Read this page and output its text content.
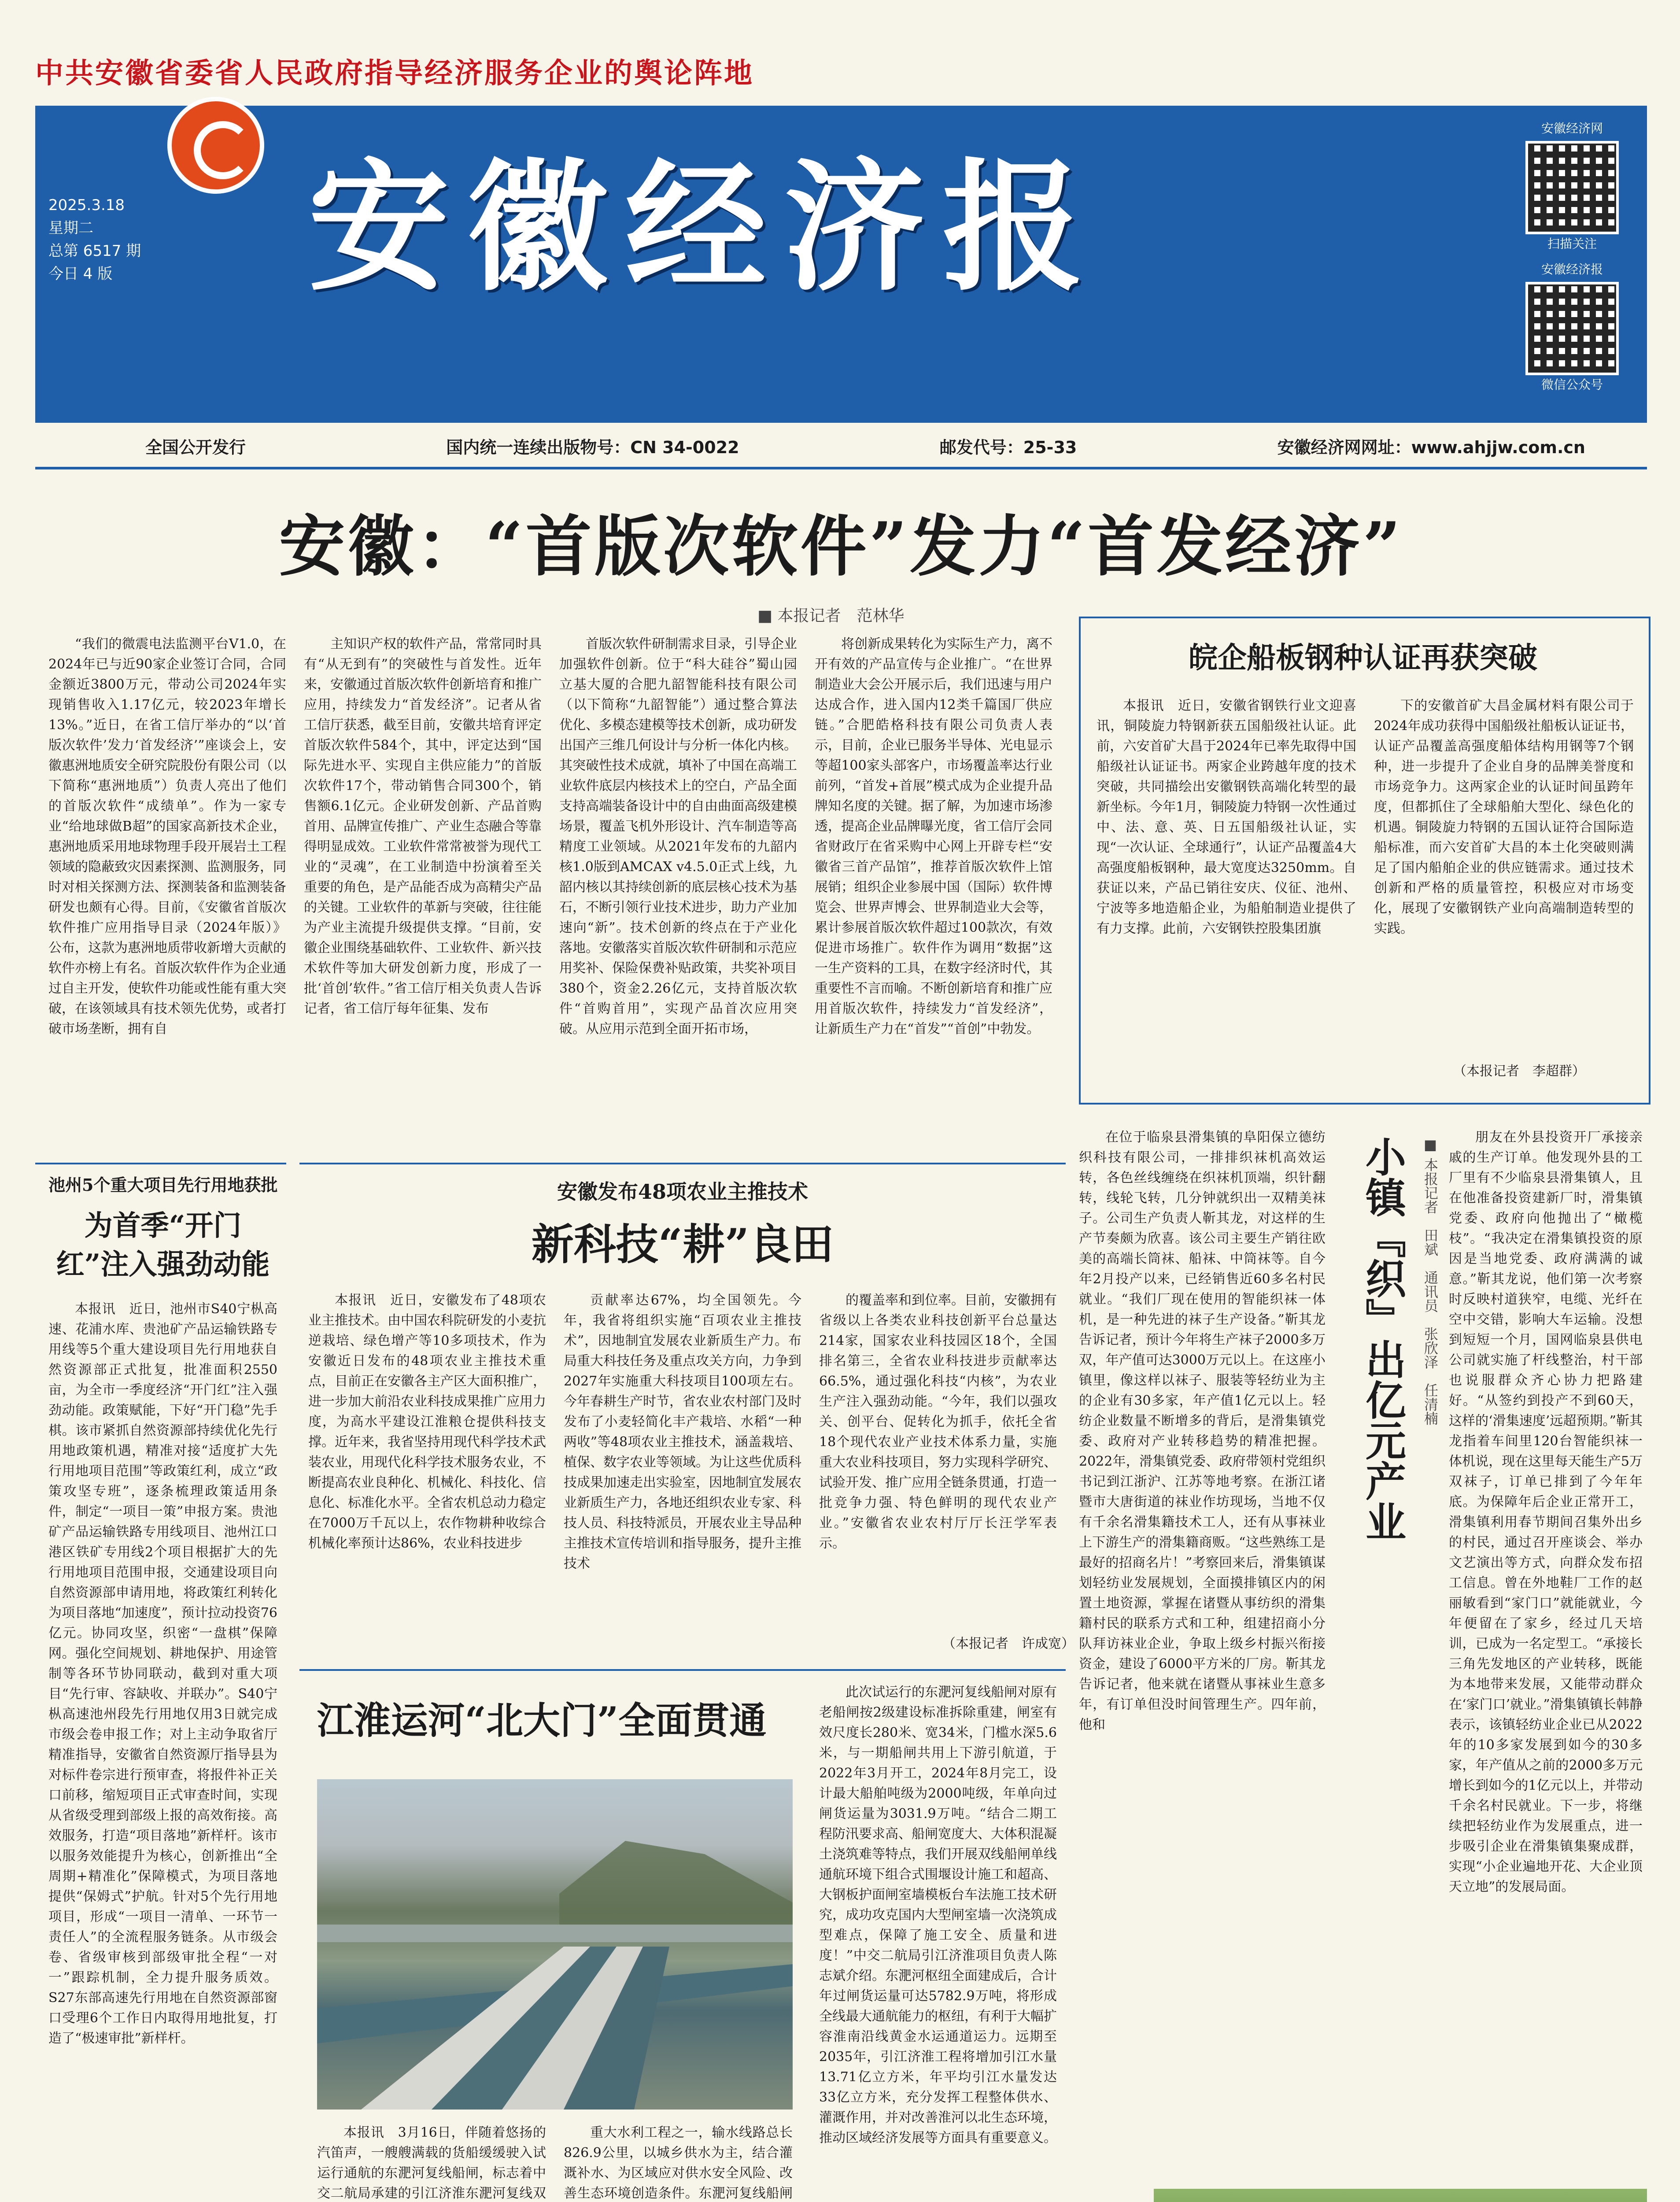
中共安徽省委省人民政府指导经济服务企业的舆论阵地
2025.3.18
星期二
总第 6517 期
今日 4 版 安徽经济报
安徽经济网
扫描关注
安徽经济报
微信公众号
全国公开发行	国内统一连续出版物号：CN 34-0022	邮发代号：25-33	安徽经济网网址：www.ahjjw.com.cn
安徽：“首版次软件”发力“首发经济”
■ 本报记者　范林华

“我们的微震电法监测平台V1.0，在2024年已与近90家企业签订合同，合同金额近3800万元，带动公司2024年实现销售收入1.17亿元，较2023年增长13%。”近日，在省工信厅举办的“以‘首版次软件’发力‘首发经济’”座谈会上，安徽惠洲地质安全研究院股份有限公司（以下简称“惠洲地质”）负责人亮出了他们的首版次软件“成绩单”。作为一家专业“给地球做B超”的国家高新技术企业，惠洲地质采用地球物理手段开展岩土工程领域的隐蔽致灾因素探测、监测服务，同时对相关探测方法、探测装备和监测装备研发也颇有心得。目前，《安徽省首版次软件推广应用指导目录（2024年版）》公布，这款为惠洲地质带收新增大贡献的软件亦榜上有名。首版次软件作为企业通过自主开发，使软件功能或性能有重大突破，在该领域具有技术领先优势，或者打破市场垄断，拥有自

主知识产权的软件产品，常常同时具有“从无到有”的突破性与首发性。近年来，安徽通过首版次软件创新培育和推广应用，持续发力“首发经济”。记者从省工信厅获悉，截至目前，安徽共培育评定首版次软件584个，其中，评定达到“国际先进水平、实现自主供应能力”的首版次软件17个，带动销售合同300个，销售额6.1亿元。企业研发创新、产品首购首用、品牌宣传推广、产业生态融合等靠得明显成效。工业软件常常被誉为现代工业的“灵魂”，在工业制造中扮演着至关重要的角色，是产品能否成为高精尖产品的关键。工业软件的革新与突破，往往能为产业主流提升级提供支撑。“目前，安徽企业围绕基础软件、工业软件、新兴技术软件等加大研发创新力度，形成了一批‘首创’软件。”省工信厅相关负责人告诉记者，省工信厅每年征集、发布

首版次软件研制需求目录，引导企业加强软件创新。位于“科大硅谷”蜀山园立基大厦的合肥九韶智能科技有限公司（以下简称“九韶智能”）通过整合算法优化、多模态建模等技术创新，成功研发出国产三维几何设计与分析一体化内核。其突破性技术成就，填补了中国在高端工业软件底层内核技术上的空白，产品全面支持高端装备设计中的自由曲面高级建模场景，覆盖飞机外形设计、汽车制造等高精度工业领域。从2021年发布的九韶内核1.0版到AMCAX v4.5.0正式上线，九韶内核以其持续创新的底层核心技术为基石，不断引领行业技术进步，助力产业加速向“新”。技术创新的终点在于产业化落地。安徽落实首版次软件研制和示范应用奖补、保险保费补贴政策，共奖补项目380个，资金2.26亿元，支持首版次软件“首购首用”，实现产品首次应用突破。从应用示范到全面开拓市场，

将创新成果转化为实际生产力，离不开有效的产品宣传与企业推广。“在世界制造业大会公开展示后，我们迅速与用户达成合作，进入国内12类千篇国厂供应链。”合肥皓格科技有限公司负责人表示，目前，企业已服务半导体、光电显示等超100家头部客户，市场覆盖率达行业前列，“首发+首展”模式成为企业提升品牌知名度的关键。据了解，为加速市场渗透，提高企业品牌曝光度，省工信厅会同省财政厅在省采购中心网上开辟专栏“安徽省三首产品馆”，推荐首版次软件上馆展销；组织企业参展中国（国际）软件博览会、世界声博会、世界制造业大会等，累计参展首版次软件超过100款次，有效促进市场推广。软件作为调用“数据”这一生产资料的工具，在数字经济时代，其重要性不言而喻。不断创新培育和推广应用首版次软件，持续发力“首发经济”，让新质生产力在“首发”“首创”中勃发。

皖企船板钢种认证再获突破

本报讯　近日，安徽省钢铁行业文迎喜讯，铜陵旋力特钢新获五国船级社认证。此前，六安首矿大昌于2024年已率先取得中国船级社认证证书。两家企业跨越年度的技术突破，共同描绘出安徽钢铁高端化转型的最新坐标。今年1月，铜陵旋力特钢一次性通过中、法、意、英、日五国船级社认证，实现“一次认证、全球通行”，认证产品覆盖4大高强度船板钢种，最大宽度达3250mm。自获证以来，产品已销往安庆、仪征、池州、宁波等多地造船企业，为船舶制造业提供了有力支撑。此前，六安钢铁控股集团旗

下的安徽首矿大昌金属材料有限公司于2024年成功获得中国船级社船板认证证书，认证产品覆盖高强度船体结构用钢等7个钢种，进一步提升了企业自身的品牌美誉度和市场竞争力。这两家企业的认证时间虽跨年度，但都抓住了全球船舶大型化、绿色化的机遇。铜陵旋力特钢的五国认证符合国际造船标准，而六安首矿大昌的本土化突破则满足了国内船舶企业的供应链需求。通过技术创新和严格的质量管控，积极应对市场变化，展现了安徽钢铁产业向高端制造转型的实践。

（本报记者　李超群）
池州5个重大项目先行用地获批
为首季“开门红”注入强劲动能

本报讯　近日，池州市S40宁枞高速、花浦水库、贵池矿产品运输铁路专用线等5个重大建设项目先行用地获自然资源部正式批复，批准面积2550亩，为全市一季度经济“开门红”注入强劲动能。政策赋能，下好“开门稳”先手棋。该市紧抓自然资源部持续优化先行用地政策机遇，精准对接“适度扩大先行用地项目范围”等政策红利，成立“政策攻坚专班”，逐条梳理政策适用条件，制定“一项目一策”申报方案。贵池矿产品运输铁路专用线项目、池州江口港区铁矿专用线2个项目根据扩大的先行用地项目范围申报，交通建设项目向自然资源部申请用地，将政策红利转化为项目落地“加速度”，预计拉动投资76亿元。协同攻坚，织密“一盘棋”保障网。强化空间规划、耕地保护、用途管制等各环节协同联动，截到对重大项目“先行审、容缺收、并联办”。S40宁枞高速池州段先行用地仅用3日就完成市级会卷申报工作；对上主动争取省厅精准指导，安徽省自然资源厅指导县为对标件卷宗进行预审查，将报件补正关口前移，缩短项目正式审查时间，实现从省级受理到部级上报的高效衔接。高效服务，打造“项目落地”新样杆。该市以服务效能提升为核心，创新推出“全周期+精准化”保障模式，为项目落地提供“保姆式”护航。针对5个先行用地项目，形成“一项目一清单、一环节一责任人”的全流程服务链条。从市级会卷、省级审核到部级审批全程“一对一”跟踪机制，全力提升服务质效。S27东部高速先行用地在自然资源部窗口受理6个工作日内取得用地批复，打造了“极速审批”新样杆。

安徽发布48项农业主推技术
新科技“耕”良田

本报讯　近日，安徽发布了48项农业主推技术。由中国农科院研发的小麦抗逆栽培、绿色增产等10多项技术，作为安徽近日发布的48项农业主推技术重点，目前正在安徽各主产区大面积推广，进一步加大前沿农业科技成果推广应用力度，为高水平建设江淮粮仓提供科技支撑。近年来，我省坚持用现代科学技术武装农业，用现代化科学技术服务农业，不断提高农业良种化、机械化、科技化、信息化、标准化水平。全省农机总动力稳定在7000万千瓦以上，农作物耕种收综合机械化率预计达86%，农业科技进步

贡献率达67%，均全国领先。今年，我省将组织实施“百项农业主推技术”，因地制宜发展农业新质生产力。布局重大科技任务及重点攻关方向，力争到2027年实施重大科技项目100项左右。今年春耕生产时节，省农业农村部门及时发布了小麦轻简化丰产栽培、水稻“一种两收”等48项农业主推技术，涵盖栽培、植保、数字农业等领域。为让这些优质科技成果加速走出实验室，因地制宜发展农业新质生产力，各地还组织农业专家、科技人员、科技特派员，开展农业主导品种主推技术宣传培训和指导服务，提升主推技术

的覆盖率和到位率。目前，安徽拥有省级以上各类农业科技创新平台总量达214家，国家农业科技园区18个，全国排名第三，全省农业科技进步贡献率达66.5%，通过强化科技“内核”，为农业生产注入强劲动能。“今年，我们以强攻关、创平台、促转化为抓手，依托全省18个现代农业产业技术体系力量，实施重大农业科技项目，努力实现科学研究、试验开发、推广应用全链条贯通，打造一批竞争力强、特色鲜明的现代农业产业。”安徽省农业农村厅厅长汪学军表示。

（本报记者　许成宽）
江淮运河“北大门”全面贯通

本报讯　3月16日，伴随着悠扬的汽笛声，一艘艘满载的货船缓缓驶入试运行通航的东淝河复线船闸，标志着中交二航局承建的引江济淮东淝河复线双

重大水利工程之一，输水线路总长826.9公里，以城乡供水为主，结合灌溉补水、为区域应对供水安全风险、改善生态环境创造条件。东淝河复线船闸

此次试运行的东淝河复线船闸对原有老船闸按2级建设标准拆除重建，闸室有效尺度长280米、宽34米，门槛水深5.6米，与一期船闸共用上下游引航道，于2022年3月开工，2024年8月完工，设计最大船舶吨级为2000吨级，年单向过闸货运量为3031.9万吨。“结合二期工程防汛要求高、船闸宽度大、大体积混凝土浇筑难等特点，我们开展双线船闸单线通航环境下组合式围堰设计施工和超高、大钢板护面闸室墙模板台车法施工技术研究，成功攻克国内大型闸室墙一次浇筑成型难点，保障了施工安全、质量和进度！”中交二航局引江济淮项目负责人陈志斌介绍。东淝河枢纽全面建成后，合计年过闸货运量可达5782.9万吨，将形成全线最大通航能力的枢纽，有利于大幅扩容淮南沿线黄金水运通道运力。远期至2035年，引江济淮工程将增加引江水量13.71亿立方米，年平均引江水量发达33亿立方米，充分发挥工程整体供水、灌溉作用，并对改善淮河以北生态环境，推动区域经济发展等方面具有重要意义。

在位于临泉县滑集镇的阜阳保立德纺织科技有限公司，一排排织袜机高效运转，各色丝线缠绕在织袜机顶端，织针翻转，线轮飞转，几分钟就织出一双精美袜子。公司生产负责人靳其龙，对这样的生产节奏颇为欣喜。该公司主要生产销往欧美的高端长筒袜、船袜、中筒袜等。自今年2月投产以来，已经销售近60多名村民就业。“我们厂现在使用的智能织袜一体机，是一种先进的袜子生产设备。”靳其龙告诉记者，预计今年将生产袜子2000多万双，年产值可达3000万元以上。在这座小镇里，像这样以袜子、服装等轻纺业为主的企业有30多家，年产值1亿元以上。轻纺企业数量不断增多的背后，是滑集镇党委、政府对产业转移趋势的精准把握。2022年，滑集镇党委、政府带领村党组织书记到江浙沪、江苏等地考察。在浙江诸暨市大唐街道的袜业作坊现场，当地不仅有千余名滑集籍技术工人，还有从事袜业上下游生产的滑集籍商贩。“这些熟练工是最好的招商名片！”考察回来后，滑集镇谋划轻纺业发展规划，全面摸排镇区内的闲置土地资源，掌握在诸暨从事纺织的滑集籍村民的联系方式和工种，组建招商小分队拜访袜业企业，争取上级乡村振兴衔接资金，建设了6000平方米的厂房。靳其龙告诉记者，他来就在诸暨从事袜业生意多年，有订单但没时间管理生产。四年前，他和

小镇『织』出亿元产业	■ 本报记者　田斌　通讯员　张欣泽　任清楠	朋友在外县投资开厂承接亲戚的生产订单。他发现外县的工厂里有不少临泉县滑集镇人，且在他准备投资建新厂时，滑集镇党委、政府向他抛出了“橄榄枝”。“我决定在滑集镇投资的原因是当地党委、政府满满的诚意。”靳其龙说，他们第一次考察时反映村道狭窄，电缆、光纤在空中交错，影响大车运输。没想到短短一个月，国网临泉县供电公司就实施了杆线整治，村干部也说服群众齐心协力把路建好。“从签约到投产不到60天，这样的‘滑集速度’远超预期。”靳其龙指着车间里120台智能织袜一体机说，现在这里每天能生产5万双袜子，订单已排到了今年年底。为保障年后企业正常开工，滑集镇利用春节期间召集外出乡的村民，通过召开座谈会、举办文艺演出等方式，向群众发布招工信息。曾在外地鞋厂工作的赵丽敏看到“家门口”就能就业，今年便留在了家乡，经过几天培训，已成为一名定型工。“承接长三角先发地区的产业转移，既能为本地带来发展，又能带动群众在‘家门口’就业。”滑集镇镇长韩静表示，该镇轻纺业企业已从2022年的10多家发展到如今的30多家，年产值从之前的2000多万元增长到如今的1亿元以上，并带动千余名村民就业。下一步，将继续把轻纺业作为发展重点，进一步吸引企业在滑集镇集聚成群，实现“小企业遍地开花、大企业顶天立地”的发展局面。
